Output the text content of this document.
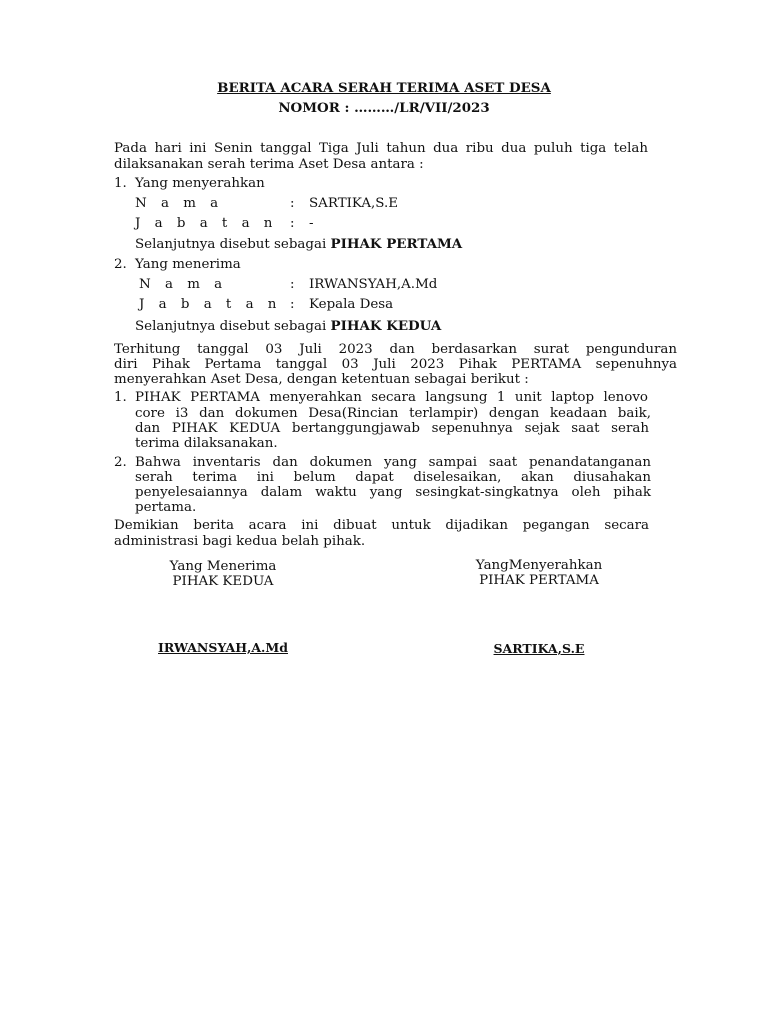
BERITA ACARA SERAH TERIMA ASET DESA
NOMOR : ………/LR/VII/2023
Pada hari ini Senin tanggal Tiga Juli tahun dua ribu dua puluh tiga telah
dilaksanakan serah terima Aset Desa antara :
1. Yang menyerahkan
N a m a	: SARTIKA,S.E
J a b a t a n : -
Selanjutnya disebut sebagai PIHAK PERTAMA
2. Yang menerima
N a m a	: IRWANSYAH,A.Md
J a b a t a n : Kepala Desa
Selanjutnya disebut sebagai PIHAK KEDUA
Terhitung tanggal 03 Juli 2023 dan berdasarkan surat pengunduran
diri Pihak Pertama tanggal 03 Juli 2023 Pihak PERTAMA sepenuhnya
menyerahkan Aset Desa, dengan ketentuan sebagai berikut :
1. PIHAK PERTAMA menyerahkan secara langsung 1 unit laptop lenovo
core i3 dan dokumen Desa(Rincian terlampir) dengan keadaan baik,
dan PIHAK KEDUA bertanggungjawab sepenuhnya sejak saat serah
terima dilaksanakan.
2. Bahwa inventaris dan dokumen yang sampai saat penandatanganan
serah terima ini belum dapat diselesaikan, akan diusahakan
penyelesaiannya dalam waktu yang sesingkat-singkatnya oleh pihak
pertama.
Demikian berita acara ini dibuat untuk dijadikan pegangan secara
administrasi bagi kedua belah pihak.
Yang Menerima
PIHAK KEDUA
IRWANSYAH,A.Md
YangMenyerahkan
PIHAK PERTAMA
SARTIKA,S.E
